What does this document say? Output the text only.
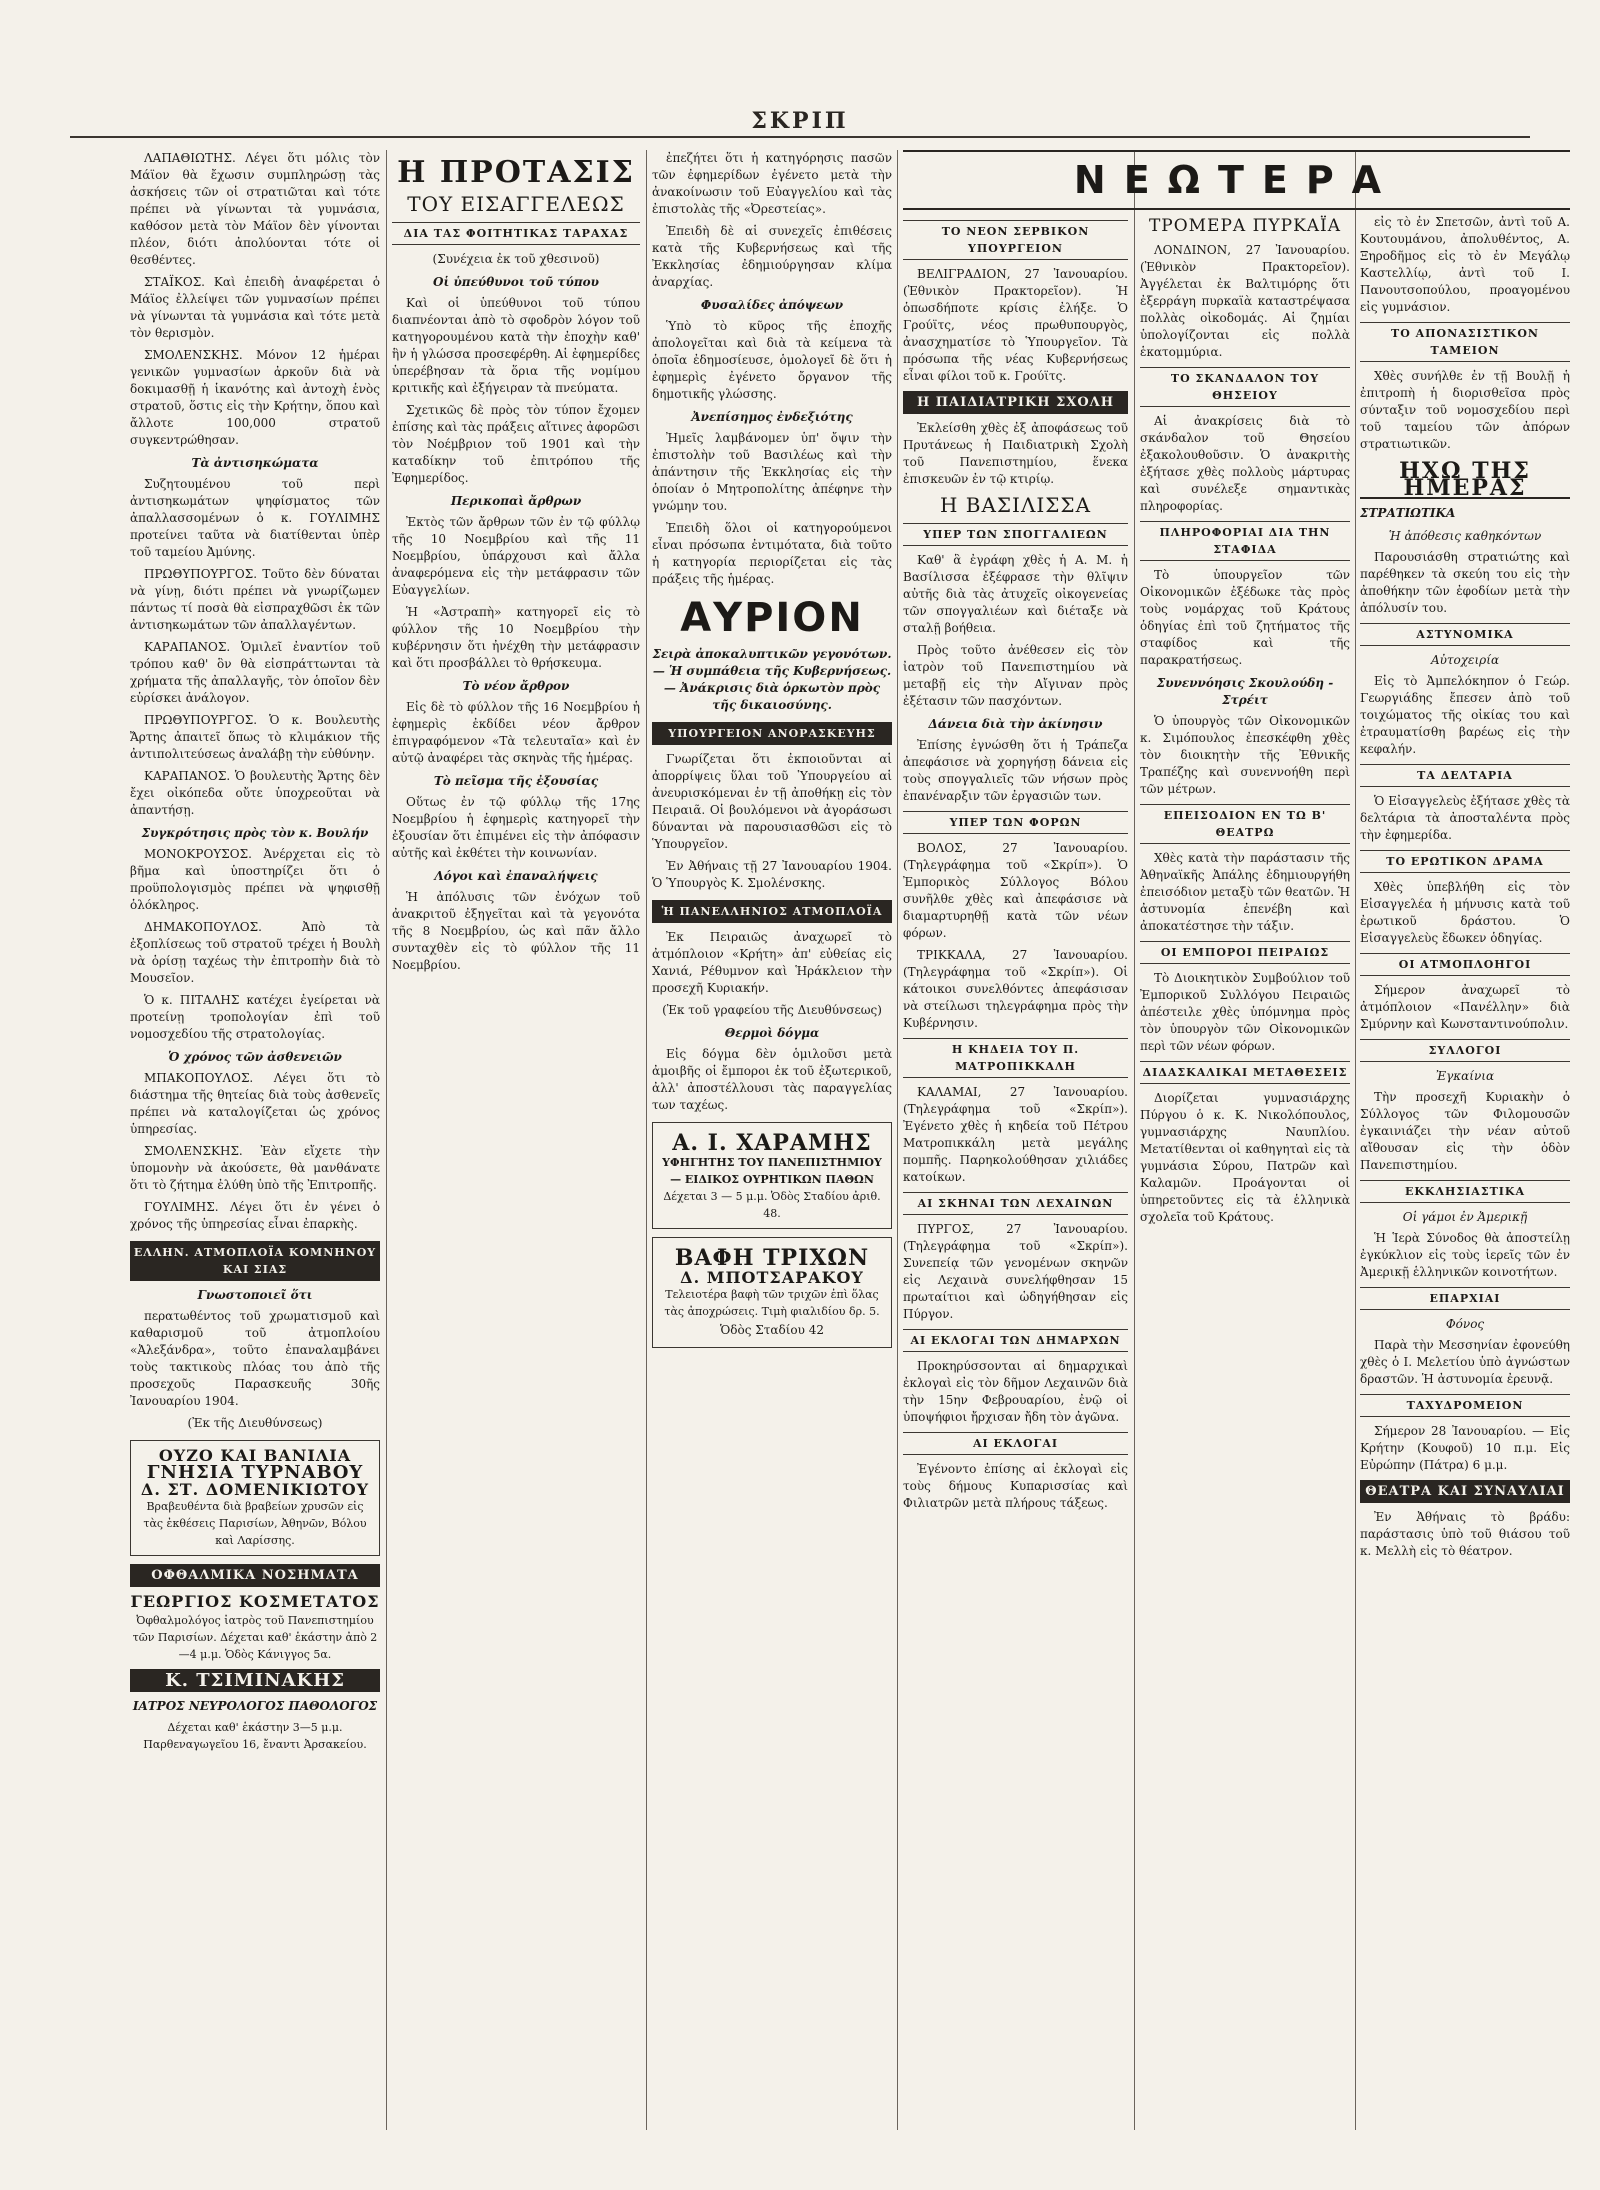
ΣΚΡΙΠ

ΛΑΠΑΘΙΩΤΗΣ. Λέγει ὅτι μόλις τὸν Μάϊον θὰ ἔχωσιν συμπληρώσῃ τὰς ἀσκήσεις τῶν οἱ στρατιῶται καὶ τότε πρέπει νὰ γίνωνται τὰ γυμνάσια, καθόσον μετὰ τὸν Μάϊον δὲν γίνονται πλέον, διότι ἀπολύονται τότε οἱ θεσθέντες.

ΣΤΑΪΚΟΣ. Καὶ ἐπειδὴ ἀναφέρεται ὁ Μάϊος ἐλλείψει τῶν γυμνασίων πρέπει νὰ γίνωνται τὰ γυμνάσια καὶ τότε μετὰ τὸν θερισμὸν.

ΣΜΟΛΕΝΣΚΗΣ. Μόνον 12 ἡμέραι γενικῶν γυμνασίων ἀρκοῦν διὰ νὰ δοκιμασθῇ ἡ ἱκανότης καὶ ἀντοχὴ ἑνὸς στρατοῦ, ὅστις εἰς τὴν Κρήτην, ὅπου καὶ ἄλλοτε 100,000 στρατοῦ συγκεντρώθησαν.

Τὰ ἀντισηκώματα

Συζητουμένου τοῦ περὶ ἀντισηκωμάτων ψηφίσματος τῶν ἀπαλλασσομένων ὁ κ. ΓΟΥΛΙΜΗΣ προτείνει ταῦτα νὰ διατίθενται ὑπὲρ τοῦ ταμείου Ἀμύνης.

ΠΡΩΘΥΠΟΥΡΓΟΣ. Τοῦτο δὲν δύναται νὰ γίνῃ, διότι πρέπει νὰ γνωρίζωμεν πάντως τί ποσὰ θὰ εἰσπραχθῶσι ἐκ τῶν ἀντισηκωμάτων τῶν ἀπαλλαγέντων.

ΚΑΡΑΠΑΝΟΣ. Ὁμιλεῖ ἐναντίον τοῦ τρόπου καθ' ὃν θὰ εἰσπράττωνται τὰ χρήματα τῆς ἀπαλλαγῆς, τὸν ὁποῖον δὲν εὑρίσκει ἀνάλογον.

ΠΡΩΘΥΠΟΥΡΓΟΣ. Ὁ κ. Βουλευτὴς Ἄρτης ἀπαιτεῖ ὅπως τὸ κλιμάκιον τῆς ἀντιπολιτεύσεως ἀναλάβῃ τὴν εὐθύνην.

ΚΑΡΑΠΑΝΟΣ. Ὁ βουλευτὴς Ἄρτης δὲν ἔχει οἰκόπεδα οὔτε ὑποχρεοῦται νὰ ἀπαντήσῃ.

Συγκρότησις πρὸς τὸν κ. Βουλήν

ΜΟΝΟΚΡΟΥΣΟΣ. Ἀνέρχεται εἰς τὸ βῆμα καὶ ὑποστηρίζει ὅτι ὁ προϋπολογισμὸς πρέπει νὰ ψηφισθῇ ὁλόκληρος.

ΔΗΜΑΚΟΠΟΥΛΟΣ. Ἀπὸ τὰ ἐξοπλίσεως τοῦ στρατοῦ τρέχει ἡ Βουλὴ νὰ ὁρίσῃ ταχέως τὴν ἐπιτροπὴν διὰ τὸ Μουσεῖον.

Ὁ κ. ΠΙΤΑΛΗΣ κατέχει ἐγείρεται νὰ προτείνῃ τροπολογίαν ἐπὶ τοῦ νομοσχεδίου τῆς στρατολογίας.

Ὁ χρόνος τῶν ἀσθενειῶν

ΜΠΑΚΟΠΟΥΛΟΣ. Λέγει ὅτι τὸ διάστημα τῆς θητείας διὰ τοὺς ἀσθενεῖς πρέπει νὰ καταλογίζεται ὡς χρόνος ὑπηρεσίας.

ΣΜΟΛΕΝΣΚΗΣ. Ἐὰν εἴχετε τὴν ὑπομονὴν νὰ ἀκούσετε, θὰ μανθάνατε ὅτι τὸ ζήτημα ἐλύθη ὑπὸ τῆς Ἐπιτροπῆς.

ΓΟΥΛΙΜΗΣ. Λέγει ὅτι ἐν γένει ὁ χρόνος τῆς ὑπηρεσίας εἶναι ἐπαρκὴς.

ΕΛΛΗΝ. ΑΤΜΟΠΛΟΪΑ ΚΟΜΝΗΝΟΥ ΚΑΙ ΣΙΑΣ
Γνωστοποιεῖ ὅτι

περατωθέντος τοῦ χρωματισμοῦ καὶ καθαρισμοῦ τοῦ ἀτμοπλοίου «Ἀλεξάνδρα», τοῦτο ἐπαναλαμβάνει τοὺς τακτικοὺς πλόας του ἀπὸ τῆς προσεχοῦς Παρασκευῆς 30ῆς Ἰανουαρίου 1904.

(Ἐκ τῆς Διευθύνσεως)
ΟΥΖΟ ΚΑΙ ΒΑΝΙΛΙΑ
ΓΝΗΣΙΑ ΤΥΡΝΑΒΟΥ
Δ. ΣΤ. ΔΟΜΕΝΙΚΙΩΤΟΥ
Βραβευθέντα διὰ βραβείων χρυσῶν εἰς τὰς ἐκθέσεις Παρισίων, Ἀθηνῶν, Βόλου καὶ Λαρίσσης.
ΟΦΘΑΛΜΙΚΑ ΝΟΣΗΜΑΤΑ
ΓΕΩΡΓΙΟΣ ΚΟΣΜΕΤΑΤΟΣ
Ὀφθαλμολόγος ἰατρὸς τοῦ Πανεπιστημίου τῶν Παρισίων. Δέχεται καθ' ἑκάστην ἀπὸ 2—4 μ.μ. Ὁδὸς Κάνιγγος 5α.
Κ. ΤΣΙΜΙΝΑΚΗΣ
ΙΑΤΡΟΣ ΝΕΥΡΟΛΟΓΟΣ ΠΑΘΟΛΟΓΟΣ
Δέχεται καθ' ἑκάστην 3—5 μ.μ. Παρθεναγωγεῖου 16, ἔναντι Ἀρσακείου.
Η ΠΡΟΤΑΣΙΣ
ΤΟΥ ΕΙΣΑΓΓΕΛΕΩΣ
ΔΙΑ ΤΑΣ ΦΟΙΤΗΤΙΚΑΣ ΤΑΡΑΧΑΣ
(Συνέχεια ἐκ τοῦ χθεσινοῦ)
Οἱ ὑπεύθυνοι τοῦ τύπου

Καὶ οἱ ὑπεύθυνοι τοῦ τύπου διαπνέονται ἀπὸ τὸ σφοδρὸν λόγον τοῦ κατηγορουμένου κατὰ τὴν ἐποχὴν καθ' ἣν ἡ γλώσσα προσεφέρθη. Αἱ ἐφημερίδες ὑπερέβησαν τὰ ὅρια τῆς νομίμου κριτικῆς καὶ ἐξήγειραν τὰ πνεύματα.

Σχετικῶς δὲ πρὸς τὸν τύπον ἔχομεν ἐπίσης καὶ τὰς πράξεις αἵτινες ἀφορῶσι τὸν Νοέμβριον τοῦ 1901 καὶ τὴν καταδίκην τοῦ ἐπιτρόπου τῆς Ἐφημερίδος.

Περικοπαὶ ἄρθρων

Ἐκτὸς τῶν ἄρθρων τῶν ἐν τῷ φύλλῳ τῆς 10 Νοεμβρίου καὶ τῆς 11 Νοεμβρίου, ὑπάρχουσι καὶ ἄλλα ἀναφερόμενα εἰς τὴν μετάφρασιν τῶν Εὐαγγελίων.

Ἡ «Ἀστραπὴ» κατηγορεῖ εἰς τὸ φύλλον τῆς 10 Νοεμβρίου τὴν κυβέρνησιν ὅτι ἠνέχθη τὴν μετάφρασιν καὶ ὅτι προσβάλλει τὸ θρήσκευμα.

Τὸ νέον ἄρθρον

Εἰς δὲ τὸ φύλλον τῆς 16 Νοεμβρίου ἡ ἐφημερὶς ἐκδίδει νέον ἄρθρον ἐπιγραφόμενον «Τὰ τελευταῖα» καὶ ἐν αὐτῷ ἀναφέρει τὰς σκηνὰς τῆς ἡμέρας.

Τὸ πεῖσμα τῆς ἐξουσίας

Οὕτως ἐν τῷ φύλλῳ τῆς 17ης Νοεμβρίου ἡ ἐφημερὶς κατηγορεῖ τὴν ἐξουσίαν ὅτι ἐπιμένει εἰς τὴν ἀπόφασιν αὐτῆς καὶ ἐκθέτει τὴν κοινωνίαν.

Λόγοι καὶ ἐπαναλήψεις

Ἡ ἀπόλυσις τῶν ἐνόχων τοῦ ἀνακριτοῦ ἐξηγεῖται καὶ τὰ γεγονότα τῆς 8 Νοεμβρίου, ὡς καὶ πᾶν ἄλλο συνταχθὲν εἰς τὸ φύλλον τῆς 11 Νοεμβρίου.

ἐπεζήτει ὅτι ἡ κατηγόρησις πασῶν τῶν ἐφημερίδων ἐγένετο μετὰ τὴν ἀνακοίνωσιν τοῦ Εὐαγγελίου καὶ τὰς ἐπιστολὰς τῆς «Ὀρεστείας».

Ἐπειδὴ δὲ αἱ συνεχεῖς ἐπιθέσεις κατὰ τῆς Κυβερνήσεως καὶ τῆς Ἐκκλησίας ἐδημιούργησαν κλίμα ἀναρχίας.

Φυσαλίδες ἀπόψεων

Ὑπὸ τὸ κῦρος τῆς ἐποχῆς ἀπολογεῖται καὶ διὰ τὰ κείμενα τὰ ὁποῖα ἐδημοσίευσε, ὁμολογεῖ δὲ ὅτι ἡ ἐφημερὶς ἐγένετο ὄργανον τῆς δημοτικῆς γλώσσης.

Ἀνεπίσημος ἐνδεξιότης

Ἠμεῖς λαμβάνομεν ὑπ' ὄψιν τὴν ἐπιστολὴν τοῦ Βασιλέως καὶ τὴν ἀπάντησιν τῆς Ἐκκλησίας εἰς τὴν ὁποίαν ὁ Μητροπολίτης ἀπέφηνε τὴν γνώμην του.

Ἐπειδὴ ὅλοι οἱ κατηγορούμενοι εἶναι πρόσωπα ἐντιμότατα, διὰ τοῦτο ἡ κατηγορία περιορίζεται εἰς τὰς πράξεις τῆς ἡμέρας.

ΑΥΡΙΟΝ
Σειρὰ ἀποκαλυπτικῶν γεγονότων. — Ἡ συμπάθεια τῆς Κυβερνήσεως. — Ἀνάκρισις διὰ ὁρκωτὸν πρὸς τῆς δικαιοσύνης.
ΥΠΟΥΡΓΕΙΟΝ ΑΝΟΡΑΣΚΕΥΗΣ

Γνωρίζεται ὅτι ἐκποιοῦνται αἱ ἀπορρίψεις ὕλαι τοῦ Ὑπουργείου αἱ ἀνευρισκόμεναι ἐν τῇ ἀποθήκῃ εἰς τὸν Πειραιᾶ. Οἱ βουλόμενοι νὰ ἀγοράσωσι δύνανται νὰ παρουσιασθῶσι εἰς τὸ Ὑπουργεῖον.

Ἐν Ἀθήναις τῇ 27 Ἰανουαρίου 1904. Ὁ Ὑπουργὸς Κ. Σμολένσκης.

Ἡ ΠΑΝΕΛΛΗΝΙΟΣ ΑΤΜΟΠΛΟΪΑ

Ἐκ Πειραιῶς ἀναχωρεῖ τὸ ἀτμόπλοιον «Κρήτη» ἀπ' εὐθείας εἰς Χανιά, Ρέθυμνον καὶ Ἡράκλειον τὴν προσεχῆ Κυριακήν.

(Ἐκ τοῦ γραφείου τῆς Διευθύνσεως)
Θερμοὶ δόγμα

Εἰς δόγμα δὲν ὁμιλοῦσι μετὰ ἀμοιβῆς οἱ ἔμποροι ἐκ τοῦ ἐξωτερικοῦ, ἀλλ' ἀποστέλλουσι τὰς παραγγελίας των ταχέως.

Α. Ι. ΧΑΡΑΜΗΣ
ΥΦΗΓΗΤΗΣ ΤΟΥ ΠΑΝΕΠΙΣΤΗΜΙΟΥ — ΕΙΔΙΚΟΣ ΟΥΡΗΤΙΚΩΝ ΠΑΘΩΝ
Δέχεται 3 — 5 μ.μ. Ὁδὸς Σταδίου ἀριθ. 48.
ΒΑΦΗ ΤΡΙΧΩΝ
Δ. ΜΠΟΤΣΑΡΑΚΟΥ
Τελειοτέρα βαφὴ τῶν τριχῶν ἐπὶ ὅλας τὰς ἀποχρώσεις. Τιμὴ φιαλιδίου δρ. 5.
Ὁδὸς Σταδίου 42
ΝΕΩΤΕΡΑ
ΤΟ ΝΕΟΝ ΣΕΡΒΙΚΟΝ ΥΠΟΥΡΓΕΙΟΝ

ΒΕΛΙΓΡΑΔΙΟΝ, 27 Ἰανουαρίου. (Ἐθνικὸν Πρακτορεῖον). Ἡ ὁπωσδήποτε κρίσις ἐλήξε. Ὁ Γρούϊτς, νέος πρωθυπουργὸς, ἀνασχηματίσε τὸ Ὑπουργεῖον. Τὰ πρόσωπα τῆς νέας Κυβερνήσεως εἶναι φίλοι τοῦ κ. Γρούϊτς.

Η ΠΑΙΔΙΑΤΡΙΚΗ ΣΧΟΛΗ

Ἐκλείσθη χθὲς ἐξ ἀποφάσεως τοῦ Πρυτάνεως ἡ Παιδιατρικὴ Σχολὴ τοῦ Πανεπιστημίου, ἕνεκα ἐπισκευῶν ἐν τῷ κτιρίῳ.

Η ΒΑΣΙΛΙΣΣΑ
ΥΠΕΡ ΤΩΝ ΣΠΟΓΓΑΛΙΕΩΝ

Καθ' ἃ ἐγράφη χθὲς ἡ Α. Μ. ἡ Βασίλισσα ἐξέφρασε τὴν θλῖψιν αὐτῆς διὰ τὰς ἀτυχεῖς οἰκογενείας τῶν σπογγαλιέων καὶ διέταξε νὰ σταλῇ βοήθεια.

Πρὸς τοῦτο ἀνέθεσεν εἰς τὸν ἰατρὸν τοῦ Πανεπιστημίου νὰ μεταβῇ εἰς τὴν Αἴγιναν πρὸς ἐξέτασιν τῶν πασχόντων.

Δάνεια διὰ τὴν ἀκίνησιν

Ἐπίσης ἐγνώσθη ὅτι ἡ Τράπεζα ἀπεφάσισε νὰ χορηγήσῃ δάνεια εἰς τοὺς σπογγαλιεῖς τῶν νήσων πρὸς ἐπανέναρξιν τῶν ἐργασιῶν των.

ΥΠΕΡ ΤΩΝ ΦΟΡΩΝ

ΒΟΛΟΣ, 27 Ἰανουαρίου. (Τηλεγράφημα τοῦ «Σκρίπ»). Ὁ Ἐμπορικὸς Σύλλογος Βόλου συνῆλθε χθὲς καὶ ἀπεφάσισε νὰ διαμαρτυρηθῇ κατὰ τῶν νέων φόρων.

ΤΡΙΚΚΑΛΑ, 27 Ἰανουαρίου. (Τηλεγράφημα τοῦ «Σκρίπ»). Οἱ κάτοικοι συνελθόντες ἀπεφάσισαν νὰ στείλωσι τηλεγράφημα πρὸς τὴν Κυβέρνησιν.

Η ΚΗΔΕΙΑ ΤΟΥ Π. ΜΑΤΡΟΠΙΚΚΑΛΗ

ΚΑΛΑΜΑΙ, 27 Ἰανουαρίου. (Τηλεγράφημα τοῦ «Σκρίπ»). Ἐγένετο χθὲς ἡ κηδεία τοῦ Πέτρου Ματροπικκάλη μετὰ μεγάλης πομπῆς. Παρηκολούθησαν χιλιάδες κατοίκων.

ΑΙ ΣΚΗΝΑΙ ΤΩΝ ΛΕΧΑΙΝΩΝ

ΠΥΡΓΟΣ, 27 Ἰανουαρίου. (Τηλεγράφημα τοῦ «Σκρίπ»). Συνεπείᾳ τῶν γενομένων σκηνῶν εἰς Λεχαινὰ συνελήφθησαν 15 πρωταίτιοι καὶ ὡδηγήθησαν εἰς Πύργον.

ΑΙ ΕΚΛΟΓΑΙ ΤΩΝ ΔΗΜΑΡΧΩΝ

Προκηρύσσονται αἱ δημαρχικαὶ ἐκλογαὶ εἰς τὸν δῆμον Λεχαινῶν διὰ τὴν 15ην Φεβρουαρίου, ἐνῷ οἱ ὑποψήφιοι ἤρχισαν ἤδη τὸν ἀγῶνα.

ΑΙ ΕΚΛΟΓΑΙ

Ἐγένοντο ἐπίσης αἱ ἐκλογαὶ εἰς τοὺς δήμους Κυπαρισσίας καὶ Φιλιατρῶν μετὰ πλήρους τάξεως.

ΤΡΟΜΕΡΑ ΠΥΡΚΑΪΑ

ΛΟΝΔΙΝΟΝ, 27 Ἰανουαρίου. (Ἐθνικὸν Πρακτορεῖον). Ἀγγέλεται ἐκ Βαλτιμόρης ὅτι ἐξερράγη πυρκαϊὰ καταστρέψασα πολλὰς οἰκοδομάς. Αἱ ζημίαι ὑπολογίζονται εἰς πολλὰ ἑκατομμύρια.

ΤΟ ΣΚΑΝΔΑΛΟΝ ΤΟΥ ΘΗΣΕΙΟΥ

Αἱ ἀνακρίσεις διὰ τὸ σκάνδαλον τοῦ Θησείου ἐξακολουθοῦσιν. Ὁ ἀνακριτὴς ἐξήτασε χθὲς πολλοὺς μάρτυρας καὶ συνέλεξε σημαντικὰς πληροφορίας.

ΠΛΗΡΟΦΟΡΙΑΙ ΔΙΑ ΤΗΝ ΣΤΑΦΙΔΑ

Τὸ ὑπουργεῖον τῶν Οἰκονομικῶν ἐξέδωκε τὰς πρὸς τοὺς νομάρχας τοῦ Κράτους ὁδηγίας ἐπὶ τοῦ ζητήματος τῆς σταφίδος καὶ τῆς παρακρατήσεως.

Συνεννόησις Σκουλούδη - Στρέιτ

Ὁ ὑπουργὸς τῶν Οἰκονομικῶν κ. Σιμόπουλος ἐπεσκέφθη χθὲς τὸν διοικητὴν τῆς Ἐθνικῆς Τραπέζης καὶ συνεννοήθη περὶ τῶν μέτρων.

ΕΠΕΙΣΟΔΙΟΝ ΕΝ ΤΩ Β' ΘΕΑΤΡΩ

Χθὲς κατὰ τὴν παράστασιν τῆς Ἀθηναϊκῆς Ἀπάλης ἐδημιουργήθη ἐπεισόδιον μεταξὺ τῶν θεατῶν. Ἡ ἀστυνομία ἐπενέβη καὶ ἀποκατέστησε τὴν τάξιν.

ΟΙ ΕΜΠΟΡΟΙ ΠΕΙΡΑΙΩΣ

Τὸ Διοικητικὸν Συμβούλιον τοῦ Ἐμπορικοῦ Συλλόγου Πειραιῶς ἀπέστειλε χθὲς ὑπόμνημα πρὸς τὸν ὑπουργὸν τῶν Οἰκονομικῶν περὶ τῶν νέων φόρων.

ΔΙΔΑΣΚΑΛΙΚΑΙ ΜΕΤΑΘΕΣΕΙΣ

Διορίζεται γυμνασιάρχης Πύργου ὁ κ. Κ. Νικολόπουλος, γυμνασιάρχης Ναυπλίου. Μετατίθενται οἱ καθηγηταὶ εἰς τὰ γυμνάσια Σύρου, Πατρῶν καὶ Καλαμῶν. Προάγονται οἱ ὑπηρετοῦντες εἰς τὰ ἑλληνικὰ σχολεῖα τοῦ Κράτους.

εἰς τὸ ἐν Σπετσῶν, ἀντὶ τοῦ Α. Κουτουμάνου, ἀπολυθέντος, Α. Ξηροδῆμος εἰς τὸ ἐν Μεγάλῳ Καστελλίῳ, ἀντὶ τοῦ Ι. Πανουτσοπούλου, προαγομένου εἰς γυμνάσιον.

ΤΟ ΑΠΟΝΑΣΙΣΤΙΚΟΝ ΤΑΜΕΙΟΝ

Χθὲς συνήλθε ἐν τῇ Βουλῇ ἡ ἐπιτροπὴ ἡ διορισθεῖσα πρὸς σύνταξιν τοῦ νομοσχεδίου περὶ τοῦ ταμείου τῶν ἀπόρων στρατιωτικῶν.

ΗΧΩ ΤΗΣ ΗΜΕΡΑΣ
ΣΤΡΑΤΙΩΤΙΚΑ
Ἡ ἀπόθεσις καθηκόντων

Παρουσιάσθη στρατιώτης καὶ παρέθηκεν τὰ σκεύη του εἰς τὴν ἀποθήκην τῶν ἐφοδίων μετὰ τὴν ἀπόλυσίν του.

ΑΣΤΥΝΟΜΙΚΑ
Αὐτοχειρία

Εἰς τὸ Ἀμπελόκηπον ὁ Γεώρ. Γεωργιάδης ἔπεσεν ἀπὸ τοῦ τοιχώματος τῆς οἰκίας του καὶ ἐτραυματίσθη βαρέως εἰς τὴν κεφαλήν.

ΤΑ ΔΕΛΤΑΡΙΑ

Ὁ Εἰσαγγελεὺς ἐξήτασε χθὲς τὰ δελτάρια τὰ ἀποσταλέντα πρὸς τὴν ἐφημερίδα.

ΤΟ ΕΡΩΤΙΚΟΝ ΔΡΑΜΑ

Χθὲς ὑπεβλήθη εἰς τὸν Εἰσαγγελέα ἡ μήνυσις κατὰ τοῦ ἐρωτικοῦ δράστου. Ὁ Εἰσαγγελεὺς ἔδωκεν ὁδηγίας.

ΟΙ ΑΤΜΟΠΛΟΗΓΟΙ

Σήμερον ἀναχωρεῖ τὸ ἀτμόπλοιον «Πανέλλην» διὰ Σμύρνην καὶ Κωνσταντινούπολιν.

ΣΥΛΛΟΓΟΙ
Ἐγκαίνια

Τὴν προσεχῆ Κυριακὴν ὁ Σύλλογος τῶν Φιλομουσῶν ἐγκαινιάζει τὴν νέαν αὐτοῦ αἴθουσαν εἰς τὴν ὁδὸν Πανεπιστημίου.

ΕΚΚΛΗΣΙΑΣΤΙΚΑ
Οἱ γάμοι ἐν Ἀμερικῇ

Ἡ Ἱερὰ Σύνοδος θὰ ἀποστείλῃ ἐγκύκλιον εἰς τοὺς ἱερεῖς τῶν ἐν Ἀμερικῇ ἑλληνικῶν κοινοτήτων.

ΕΠΑΡΧΙΑΙ
Φόνος

Παρὰ τὴν Μεσσηνίαν ἐφονεύθη χθὲς ὁ Ι. Μελετίου ὑπὸ ἀγνώστων δραστῶν. Ἡ ἀστυνομία ἐρευνᾷ.

ΤΑΧΥΔΡΟΜΕΙΟΝ

Σήμερον 28 Ἰανουαρίου. — Εἰς Κρήτην (Κουφοῦ) 10 π.μ. Εἰς Εὐρώπην (Πάτρα) 6 μ.μ.

ΘΕΑΤΡΑ ΚΑΙ ΣΥΝΑΥΛΙΑΙ

Ἐν Ἀθήναις τὸ βράδυ: παράστασις ὑπὸ τοῦ θιάσου τοῦ κ. Μελλὴ εἰς τὸ θέατρον.
